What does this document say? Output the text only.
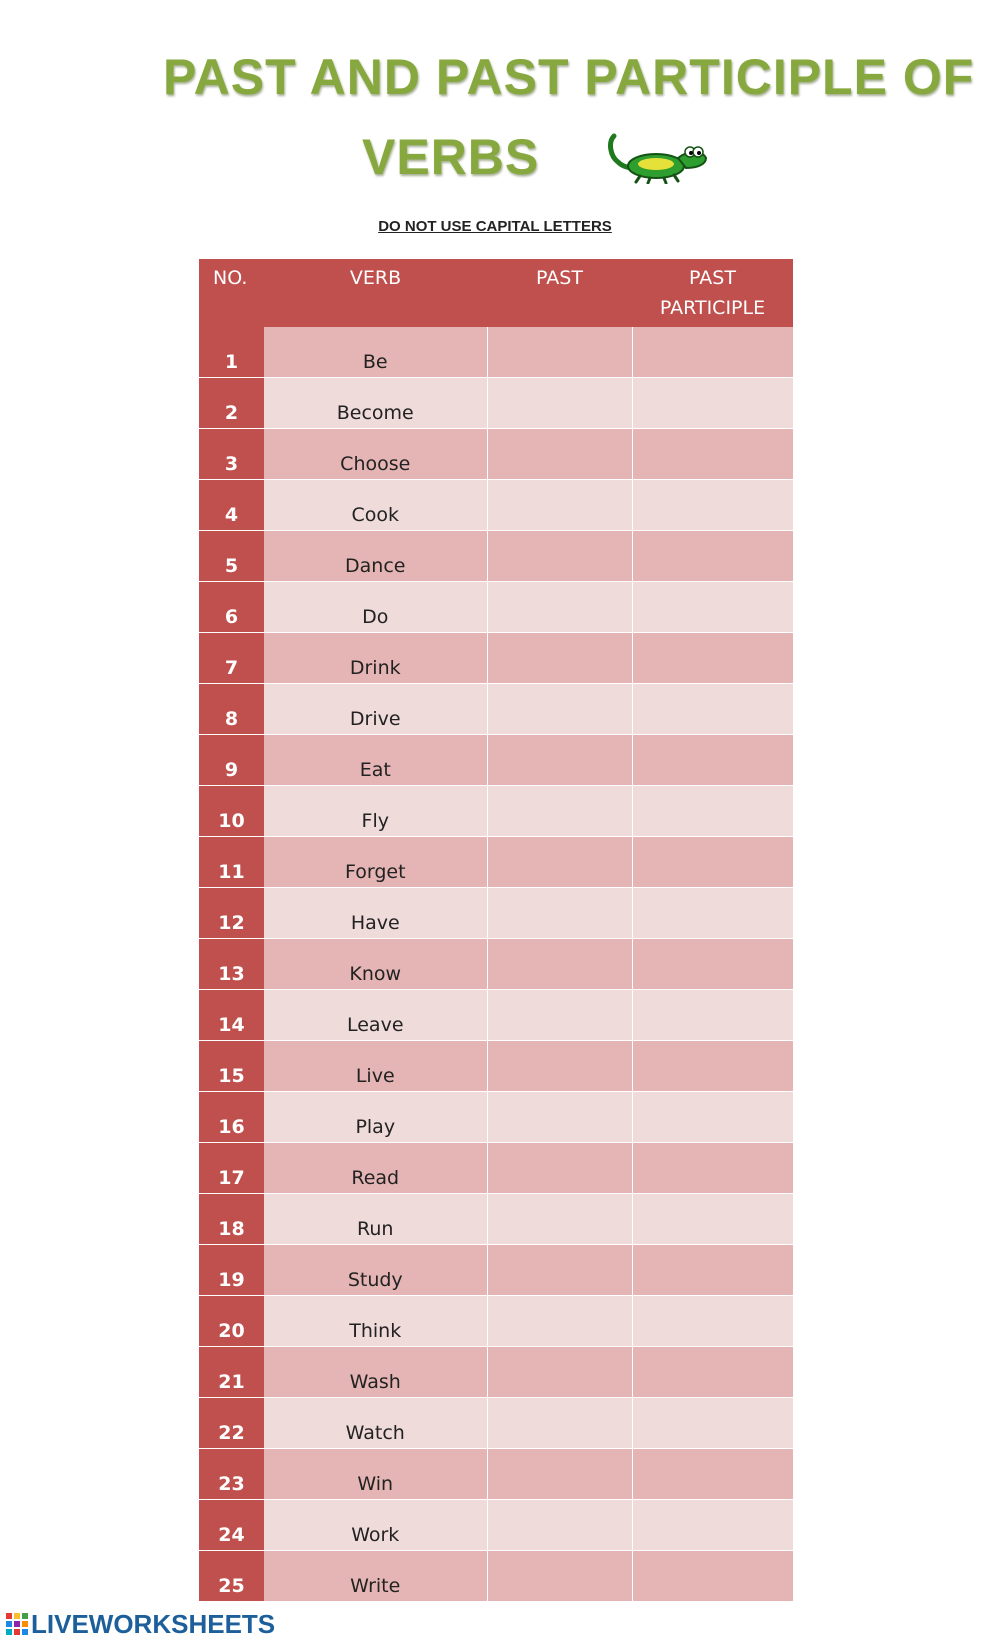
PAST AND PAST PARTICIPLE OF
VERBS
DO NOT USE CAPITAL LETTERS
NO.	VERB	PAST	PAST
PARTICIPLE
1	Be		
2	Become		
3	Choose		
4	Cook		
5	Dance		
6	Do		
7	Drink		
8	Drive		
9	Eat		
10	Fly		
11	Forget		
12	Have		
13	Know		
14	Leave		
15	Live		
16	Play		
17	Read		
18	Run		
19	Study		
20	Think		
21	Wash		
22	Watch		
23	Win		
24	Work		
25	Write		
LIVEWORKSHEETS
